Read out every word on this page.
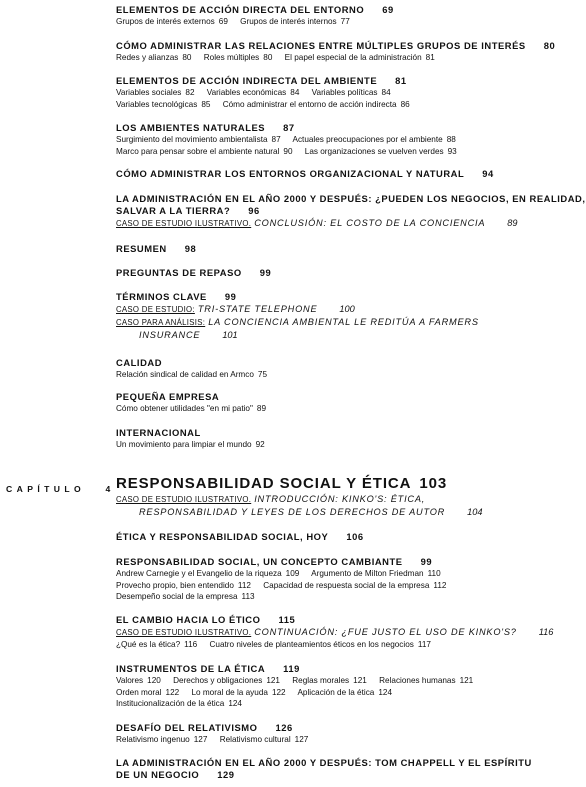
ELEMENTOS DE ACCIÓN DIRECTA DEL ENTORNO 69
Grupos de interés externos 69 Grupos de interés internos 77
CÓMO ADMINISTRAR LAS RELACIONES ENTRE MÚLTIPLES GRUPOS DE INTERÉS 80
Redes y alianzas 80 Roles múltiples 80 El papel especial de la administración 81
ELEMENTOS DE ACCIÓN INDIRECTA DEL AMBIENTE 81
Variables sociales 82 Variables económicas 84 Variables políticas 84
Variables tecnológicas 85 Cómo administrar el entorno de acción indirecta 86
LOS AMBIENTES NATURALES 87
Surgimiento del movimiento ambientalista 87 Actuales preocupaciones por el ambiente 88
Marco para pensar sobre el ambiente natural 90 Las organizaciones se vuelven verdes 93
CÓMO ADMINISTRAR LOS ENTORNOS ORGANIZACIONAL Y NATURAL 94
LA ADMINISTRACIÓN EN EL AÑO 2000 Y DESPUÉS: ¿PUEDEN LOS NEGOCIOS, EN REALIDAD,
SALVAR A LA TIERRA? 96
CASO DE ESTUDIO ILUSTRATIVO. CONCLUSIÓN: EL COSTO DE LA CONCIENCIA 89
RESUMEN 98
PREGUNTAS DE REPASO 99
TÉRMINOS CLAVE 99
CASO DE ESTUDIO: TRI-STATE TELEPHONE 100
CASO PARA ANÁLISIS: LA CONCIENCIA AMBIENTAL LE REDITÚA A FARMERS
INSURANCE 101
CALIDAD
Relación sindical de calidad en Armco 75
PEQUEÑA EMPRESA
Cómo obtener utilidades "en mi patio" 89
INTERNACIONAL
Un movimiento para limpiar el mundo 92
CAPÍTULO 4 RESPONSABILIDAD SOCIAL Y ÉTICA 103
CASO DE ESTUDIO ILUSTRATIVO. INTRODUCCIÓN: KINKO'S: ÉTICA,
RESPONSABILIDAD Y LEYES DE LOS DERECHOS DE AUTOR 104
ÉTICA Y RESPONSABILIDAD SOCIAL, HOY 106
RESPONSABILIDAD SOCIAL, UN CONCEPTO CAMBIANTE 99
Andrew Carnegie y el Evangelio de la riqueza 109 Argumento de Milton Friedman 110
Provecho propio, bien entendido 112 Capacidad de respuesta social de la empresa 112
Desempeño social de la empresa 113
EL CAMBIO HACIA LO ÉTICO 115
CASO DE ESTUDIO ILUSTRATIVO. CONTINUACIÓN: ¿FUE JUSTO EL USO DE KINKO'S? 116
¿Qué es la ética? 116 Cuatro niveles de planteamientos éticos en los negocios 117
INSTRUMENTOS DE LA ÉTICA 119
Valores 120 Derechos y obligaciones 121 Reglas morales 121 Relaciones humanas 121
Orden moral 122 Lo moral de la ayuda 122 Aplicación de la ética 124
Institucionalización de la ética 124
DESAFÍO DEL RELATIVISMO 126
Relativismo ingenuo 127 Relativismo cultural 127
LA ADMINISTRACIÓN EN EL AÑO 2000 Y DESPUÉS: TOM CHAPPELL Y EL ESPÍRITU
DE UN NEGOCIO 129
